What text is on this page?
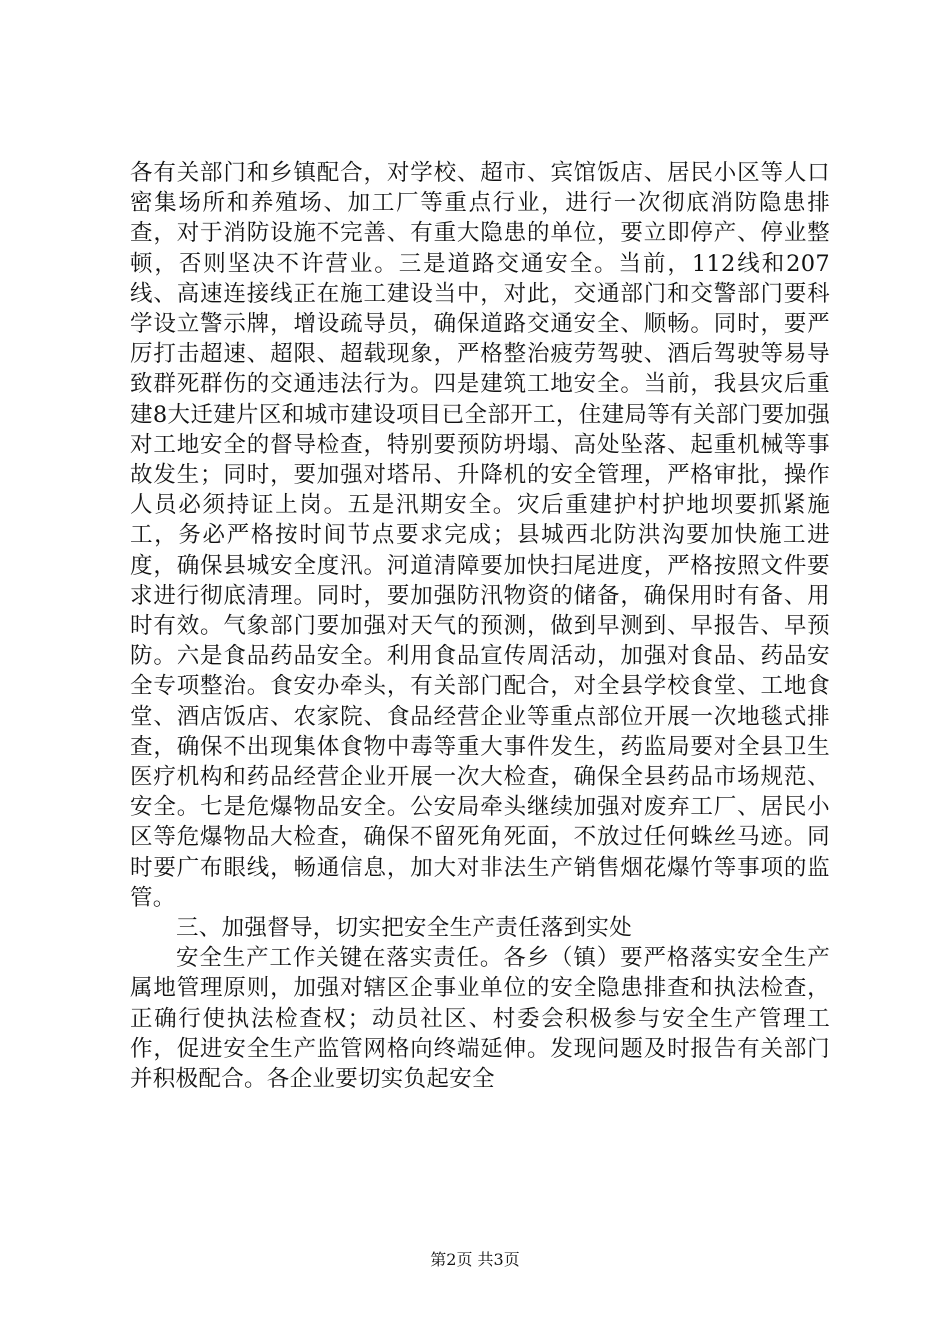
各有关部门和乡镇配合，对学校、超市、宾馆饭店、居民小区等人口密集场所和养殖场、加工厂等重点行业，进行一次彻底消防隐患排查，对于消防设施不完善、有重大隐患的单位，要立即停产、停业整顿，否则坚决不许营业。三是道路交通安全。当前，112线和207线、高速连接线正在施工建设当中，对此，交通部门和交警部门要科学设立警示牌，增设疏导员，确保道路交通安全、顺畅。同时，要严厉打击超速、超限、超载现象，严格整治疲劳驾驶、酒后驾驶等易导致群死群伤的交通违法行为。四是建筑工地安全。当前，我县灾后重建8大迁建片区和城市建设项目已全部开工，住建局等有关部门要加强对工地安全的督导检查，特别要预防坍塌、高处坠落、起重机械等事故发生；同时，要加强对塔吊、升降机的安全管理，严格审批，操作人员必须持证上岗。五是汛期安全。灾后重建护村护地坝要抓紧施工，务必严格按时间节点要求完成；县城西北防洪沟要加快施工进度，确保县城安全度汛。河道清障要加快扫尾进度，严格按照文件要求进行彻底清理。同时，要加强防汛物资的储备，确保用时有备、用时有效。气象部门要加强对天气的预测，做到早测到、早报告、早预防。六是食品药品安全。利用食品宣传周活动，加强对食品、药品安全专项整治。食安办牵头，有关部门配合，对全县学校食堂、工地食堂、酒店饭店、农家院、食品经营企业等重点部位开展一次地毯式排查，确保不出现集体食物中毒等重大事件发生，药监局要对全县卫生医疗机构和药品经营企业开展一次大检查，确保全县药品市场规范、安全。七是危爆物品安全。公安局牵头继续加强对废弃工厂、居民小区等危爆物品大检查，确保不留死角死面，不放过任何蛛丝马迹。同时要广布眼线，畅通信息，加大对非法生产销售烟花爆竹等事项的监管。

三、加强督导，切实把安全生产责任落到实处

安全生产工作关键在落实责任。各乡（镇）要严格落实安全生产属地管理原则，加强对辖区企事业单位的安全隐患排查和执法检查，正确行使执法检查权；动员社区、村委会积极参与安全生产管理工作，促进安全生产监管网格向终端延伸。发现问题及时报告有关部门并积极配合。各企业要切实负起安全

第2页 共3页
